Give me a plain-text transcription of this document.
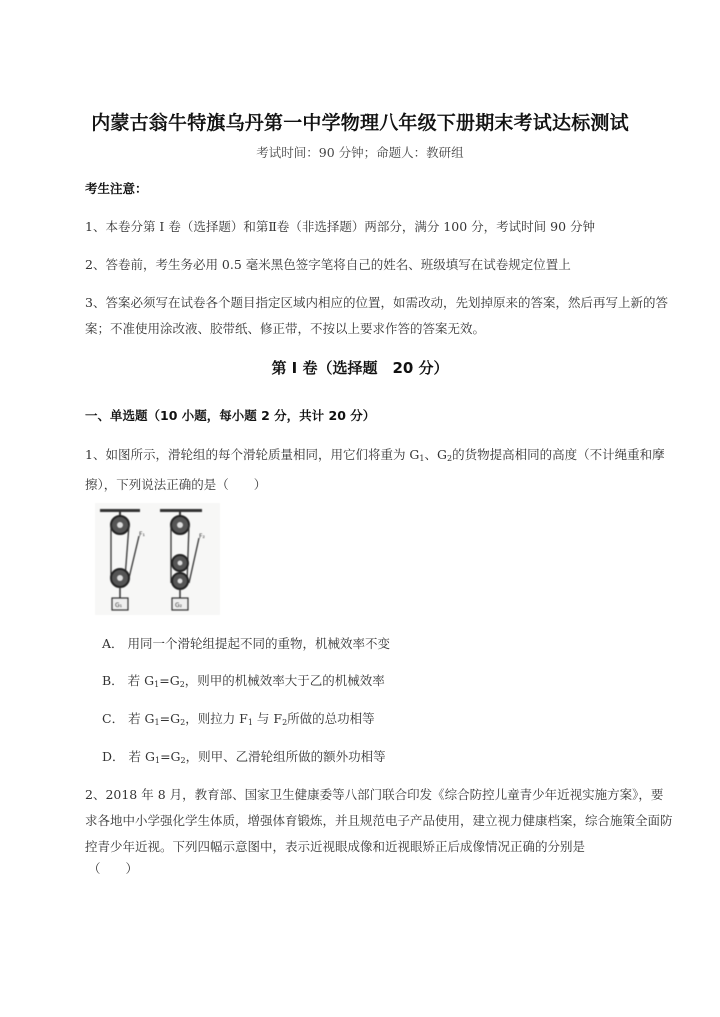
内蒙古翁牛特旗乌丹第一中学物理八年级下册期末考试达标测试
考试时间：90 分钟；命题人：教研组
考生注意：
1、本卷分第 I 卷（选择题）和第Ⅱ卷（非选择题）两部分，满分 100 分，考试时间 90 分钟
2、答卷前，考生务必用 0.5 毫米黑色签字笔将自己的姓名、班级填写在试卷规定位置上
3、答案必须写在试卷各个题目指定区域内相应的位置，如需改动，先划掉原来的答案，然后再写上新的答案；不准使用涂改液、胶带纸、修正带，不按以上要求作答的答案无效。
第 I 卷（选择题　20 分）
一、单选题（10 小题，每小题 2 分，共计 20 分）
1、如图所示，滑轮组的每个滑轮质量相同，用它们将重为 $G_1$、$G_2$的货物提高相同的高度（不计绳重和摩擦），下列说法正确的是（　　）
F₁
G₁
F₂
G₂
A． 用同一个滑轮组提起不同的重物，机械效率不变
B． 若 $G_1=G_2$，则甲的机械效率大于乙的机械效率
C． 若 $G_1=G_2$，则拉力 $F_1$ 与 $F_2$所做的总功相等
D． 若 $G_1=G_2$，则甲、乙滑轮组所做的额外功相等
2、2018 年 8 月，教育部、国家卫生健康委等八部门联合印发《综合防控儿童青少年近视实施方案》，要求各地中小学强化学生体质，增强体育锻炼，并且规范电子产品使用，建立视力健康档案，综合施策全面防控青少年近视。下列四幅示意图中，表示近视眼成像和近视眼矫正后成像情况正确的分别是
（　　）
